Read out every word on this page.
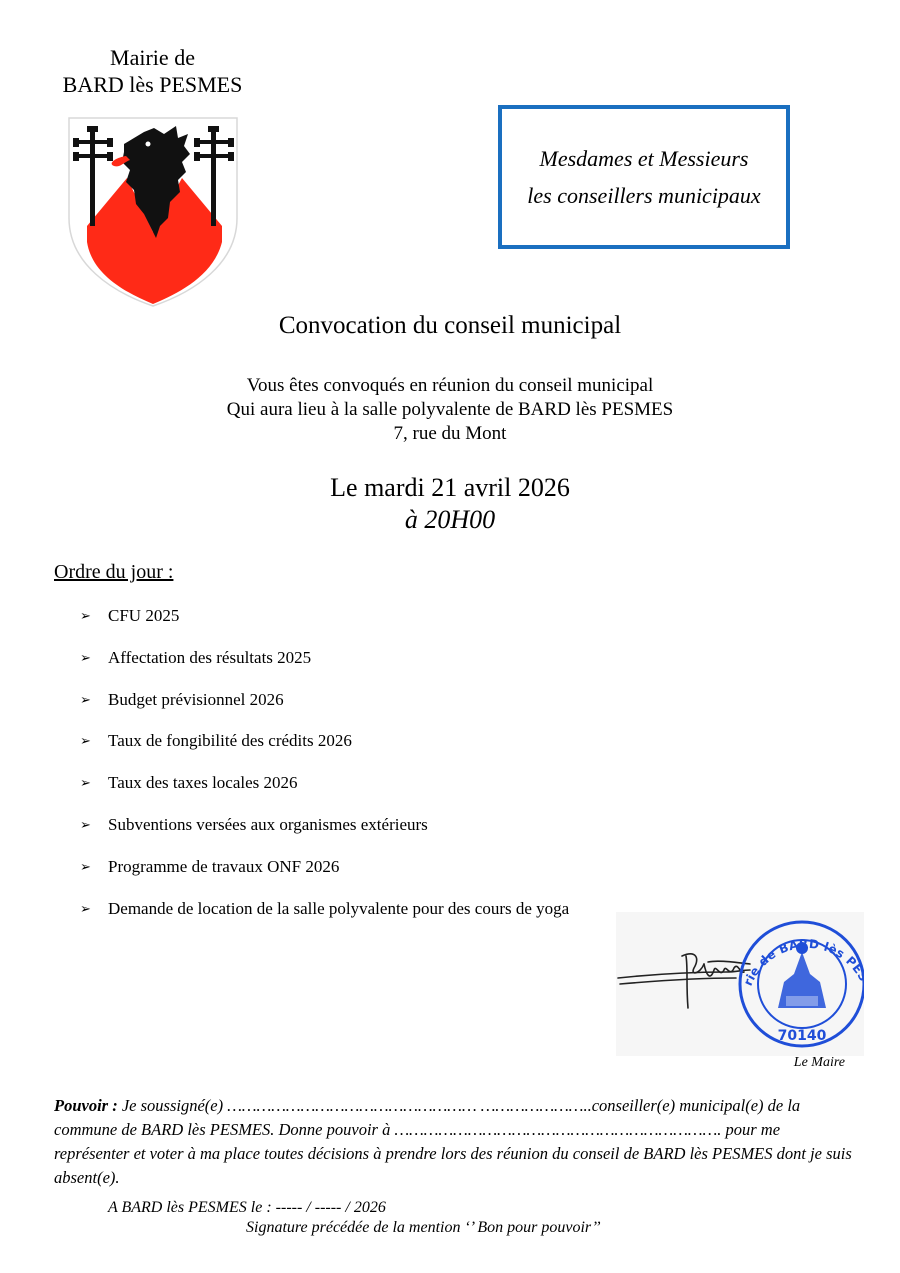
Mairie de
BARD lès PESMES
Mesdames et Messieurs
les conseillers municipaux
Convocation du conseil municipal
Vous êtes convoqués en réunion du conseil municipal
Qui aura lieu à la salle polyvalente de BARD lès PESMES
7, rue du Mont
Le mardi 21 avril 2026
à 20H00
Ordre du jour :
➢	CFU 2025
➢	Affectation des résultats 2025
➢	Budget prévisionnel 2026
➢	Taux de fongibilité des crédits 2026
➢	Taux des taxes locales 2026
➢	Subventions versées aux organismes extérieurs
➢	Programme de travaux ONF 2026
➢	Demande de location de la salle polyvalente pour des cours de yoga
rie de BARD lès P
70140
Le Maire
Pouvoir : Je soussigné(e) …………………………………………… …………………..conseiller(e) municipal(e) de la commune de BARD lès PESMES. Donne pouvoir à …………………………………………………………. pour me représenter et voter à ma place toutes décisions à prendre lors des réunion du conseil de BARD lès PESMES dont je suis absent(e).
A BARD lès PESMES le : ----- / ----- / 2026
Signature précédée de la mention ‘’ Bon pour pouvoir’’
